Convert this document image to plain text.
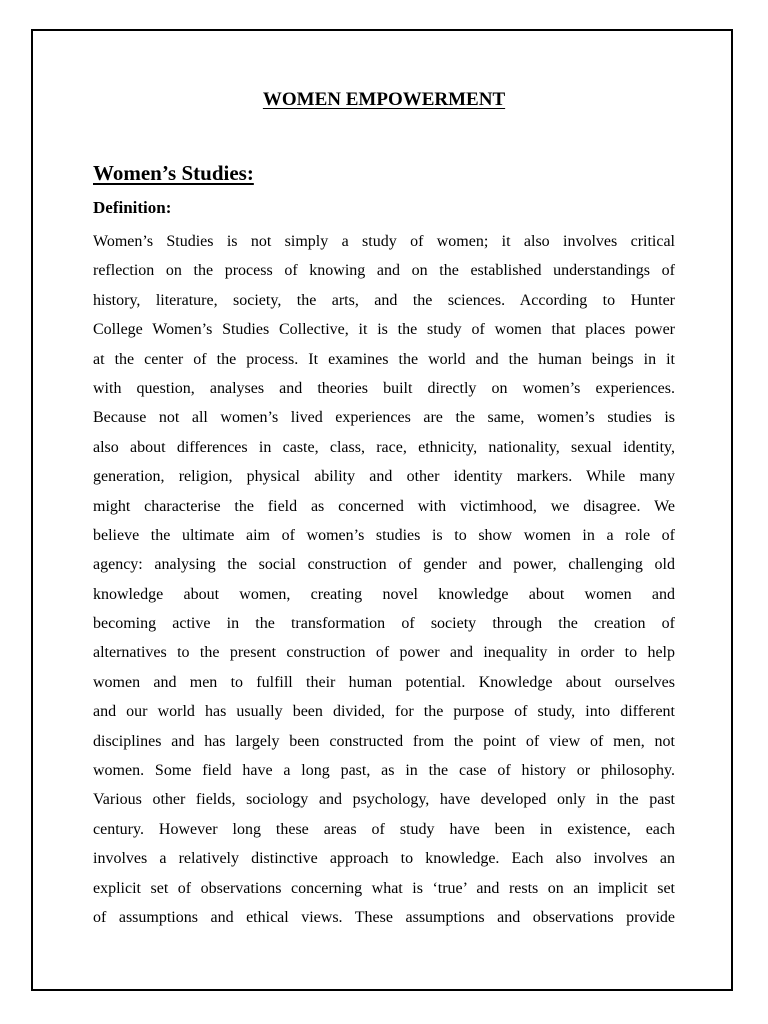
WOMEN EMPOWERMENT
Women’s Studies:
Definition:
Women’s Studies is not simply a study of women; it also involves critical
reflection on the process of knowing and on the established understandings of
history, literature, society, the arts, and the sciences. According to Hunter
College Women’s Studies Collective, it is the study of women that places power
at the center of the process. It examines the world and the human beings in it
with question, analyses and theories built directly on women’s experiences.
Because not all women’s lived experiences are the same, women’s studies is
also about differences in caste, class, race, ethnicity, nationality, sexual identity,
generation, religion, physical ability and other identity markers. While many
might characterise the field as concerned with victimhood, we disagree. We
believe the ultimate aim of women’s studies is to show women in a role of
agency: analysing the social construction of gender and power, challenging old
knowledge about women, creating novel knowledge about women and
becoming active in the transformation of society through the creation of
alternatives to the present construction of power and inequality in order to help
women and men to fulfill their human potential. Knowledge about ourselves
and our world has usually been divided, for the purpose of study, into different
disciplines and has largely been constructed from the point of view of men, not
women. Some field have a long past, as in the case of history or philosophy.
Various other fields, sociology and psychology, have developed only in the past
century. However long these areas of study have been in existence, each
involves a relatively distinctive approach to knowledge. Each also involves an
explicit set of observations concerning what is ‘true’ and rests on an implicit set
of assumptions and ethical views. These assumptions and observations provide
